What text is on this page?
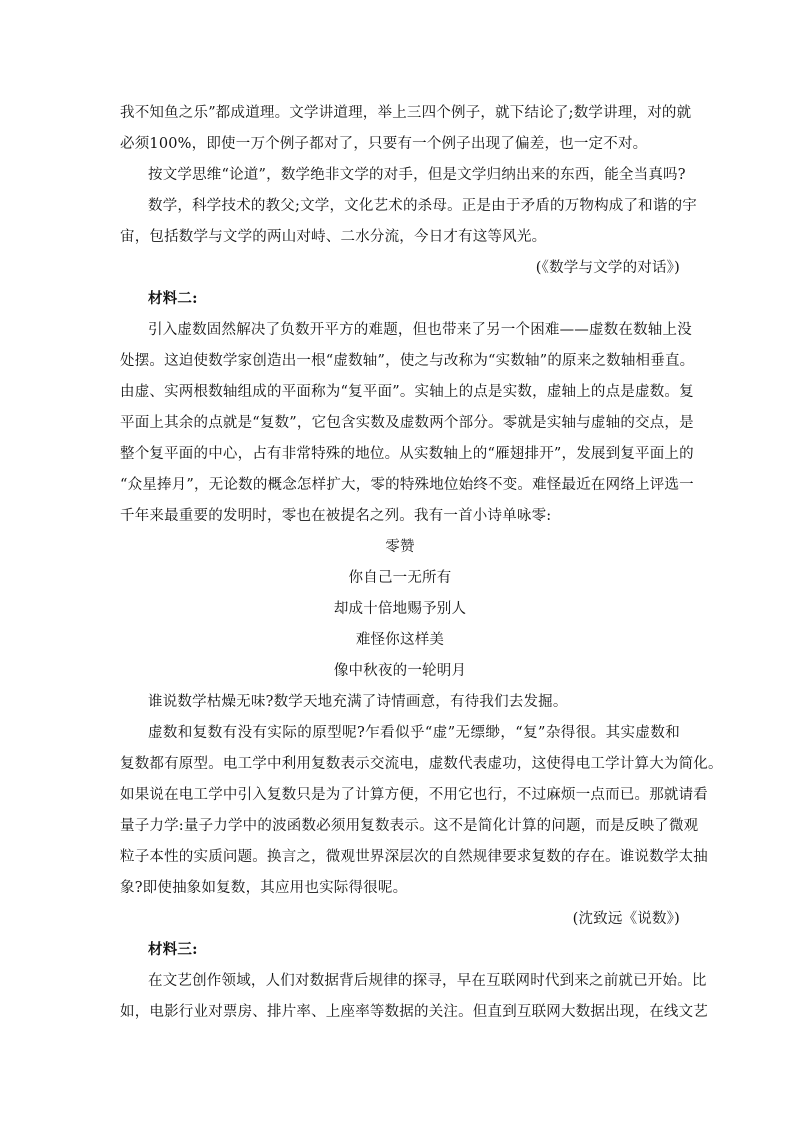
我不知鱼之乐”都成道理。文学讲道理，举上三四个例子，就下结论了;数学讲理，对的就
必须100%，即使一万个例子都对了，只要有一个例子出现了偏差，也一定不对。
按文学思维“论道”，数学绝非文学的对手，但是文学归纳出来的东西，能全当真吗?
数学，科学技术的教父;文学，文化艺术的杀母。正是由于矛盾的万物构成了和谐的宇
宙，包括数学与文学的两山对峙、二水分流，今日才有这等风光。
(《数学与文学的对话》)
材料二:
引入虚数固然解决了负数开平方的难题，但也带来了另一个困难——虚数在数轴上没
处摆。这迫使数学家创造出一根“虚数轴”，使之与改称为“实数轴”的原来之数轴相垂直。
由虚、实两根数轴组成的平面称为“复平面”。实轴上的点是实数，虚轴上的点是虚数。复
平面上其余的点就是“复数”，它包含实数及虚数两个部分。零就是实轴与虚轴的交点，是
整个复平面的中心，占有非常特殊的地位。从实数轴上的“雁翅排开”，发展到复平面上的
“众星捧月”，无论数的概念怎样扩大，零的特殊地位始终不变。难怪最近在网络上评选一
千年来最重要的发明时，零也在被提名之列。我有一首小诗单咏零:
零赞
你自己一无所有
却成十倍地赐予别人
难怪你这样美
像中秋夜的一轮明月
谁说数学枯燥无味?数学天地充满了诗情画意，有待我们去发掘。
虚数和复数有没有实际的原型呢?乍看似乎“虚”无缥缈，“复”杂得很。其实虚数和
复数都有原型。电工学中利用复数表示交流电，虚数代表虚功，这使得电工学计算大为简化。
如果说在电工学中引入复数只是为了计算方便，不用它也行，不过麻烦一点而已。那就请看
量子力学:量子力学中的波函数必须用复数表示。这不是简化计算的问题，而是反映了微观
粒子本性的实质问题。换言之，微观世界深层次的自然规律要求复数的存在。谁说数学太抽
象?即使抽象如复数，其应用也实际得很呢。
(沈致远《说数》)
材料三:
在文艺创作领域，人们对数据背后规律的探寻，早在互联网时代到来之前就已开始。比
如，电影行业对票房、排片率、上座率等数据的关注。但直到互联网大数据出现，在线文艺
